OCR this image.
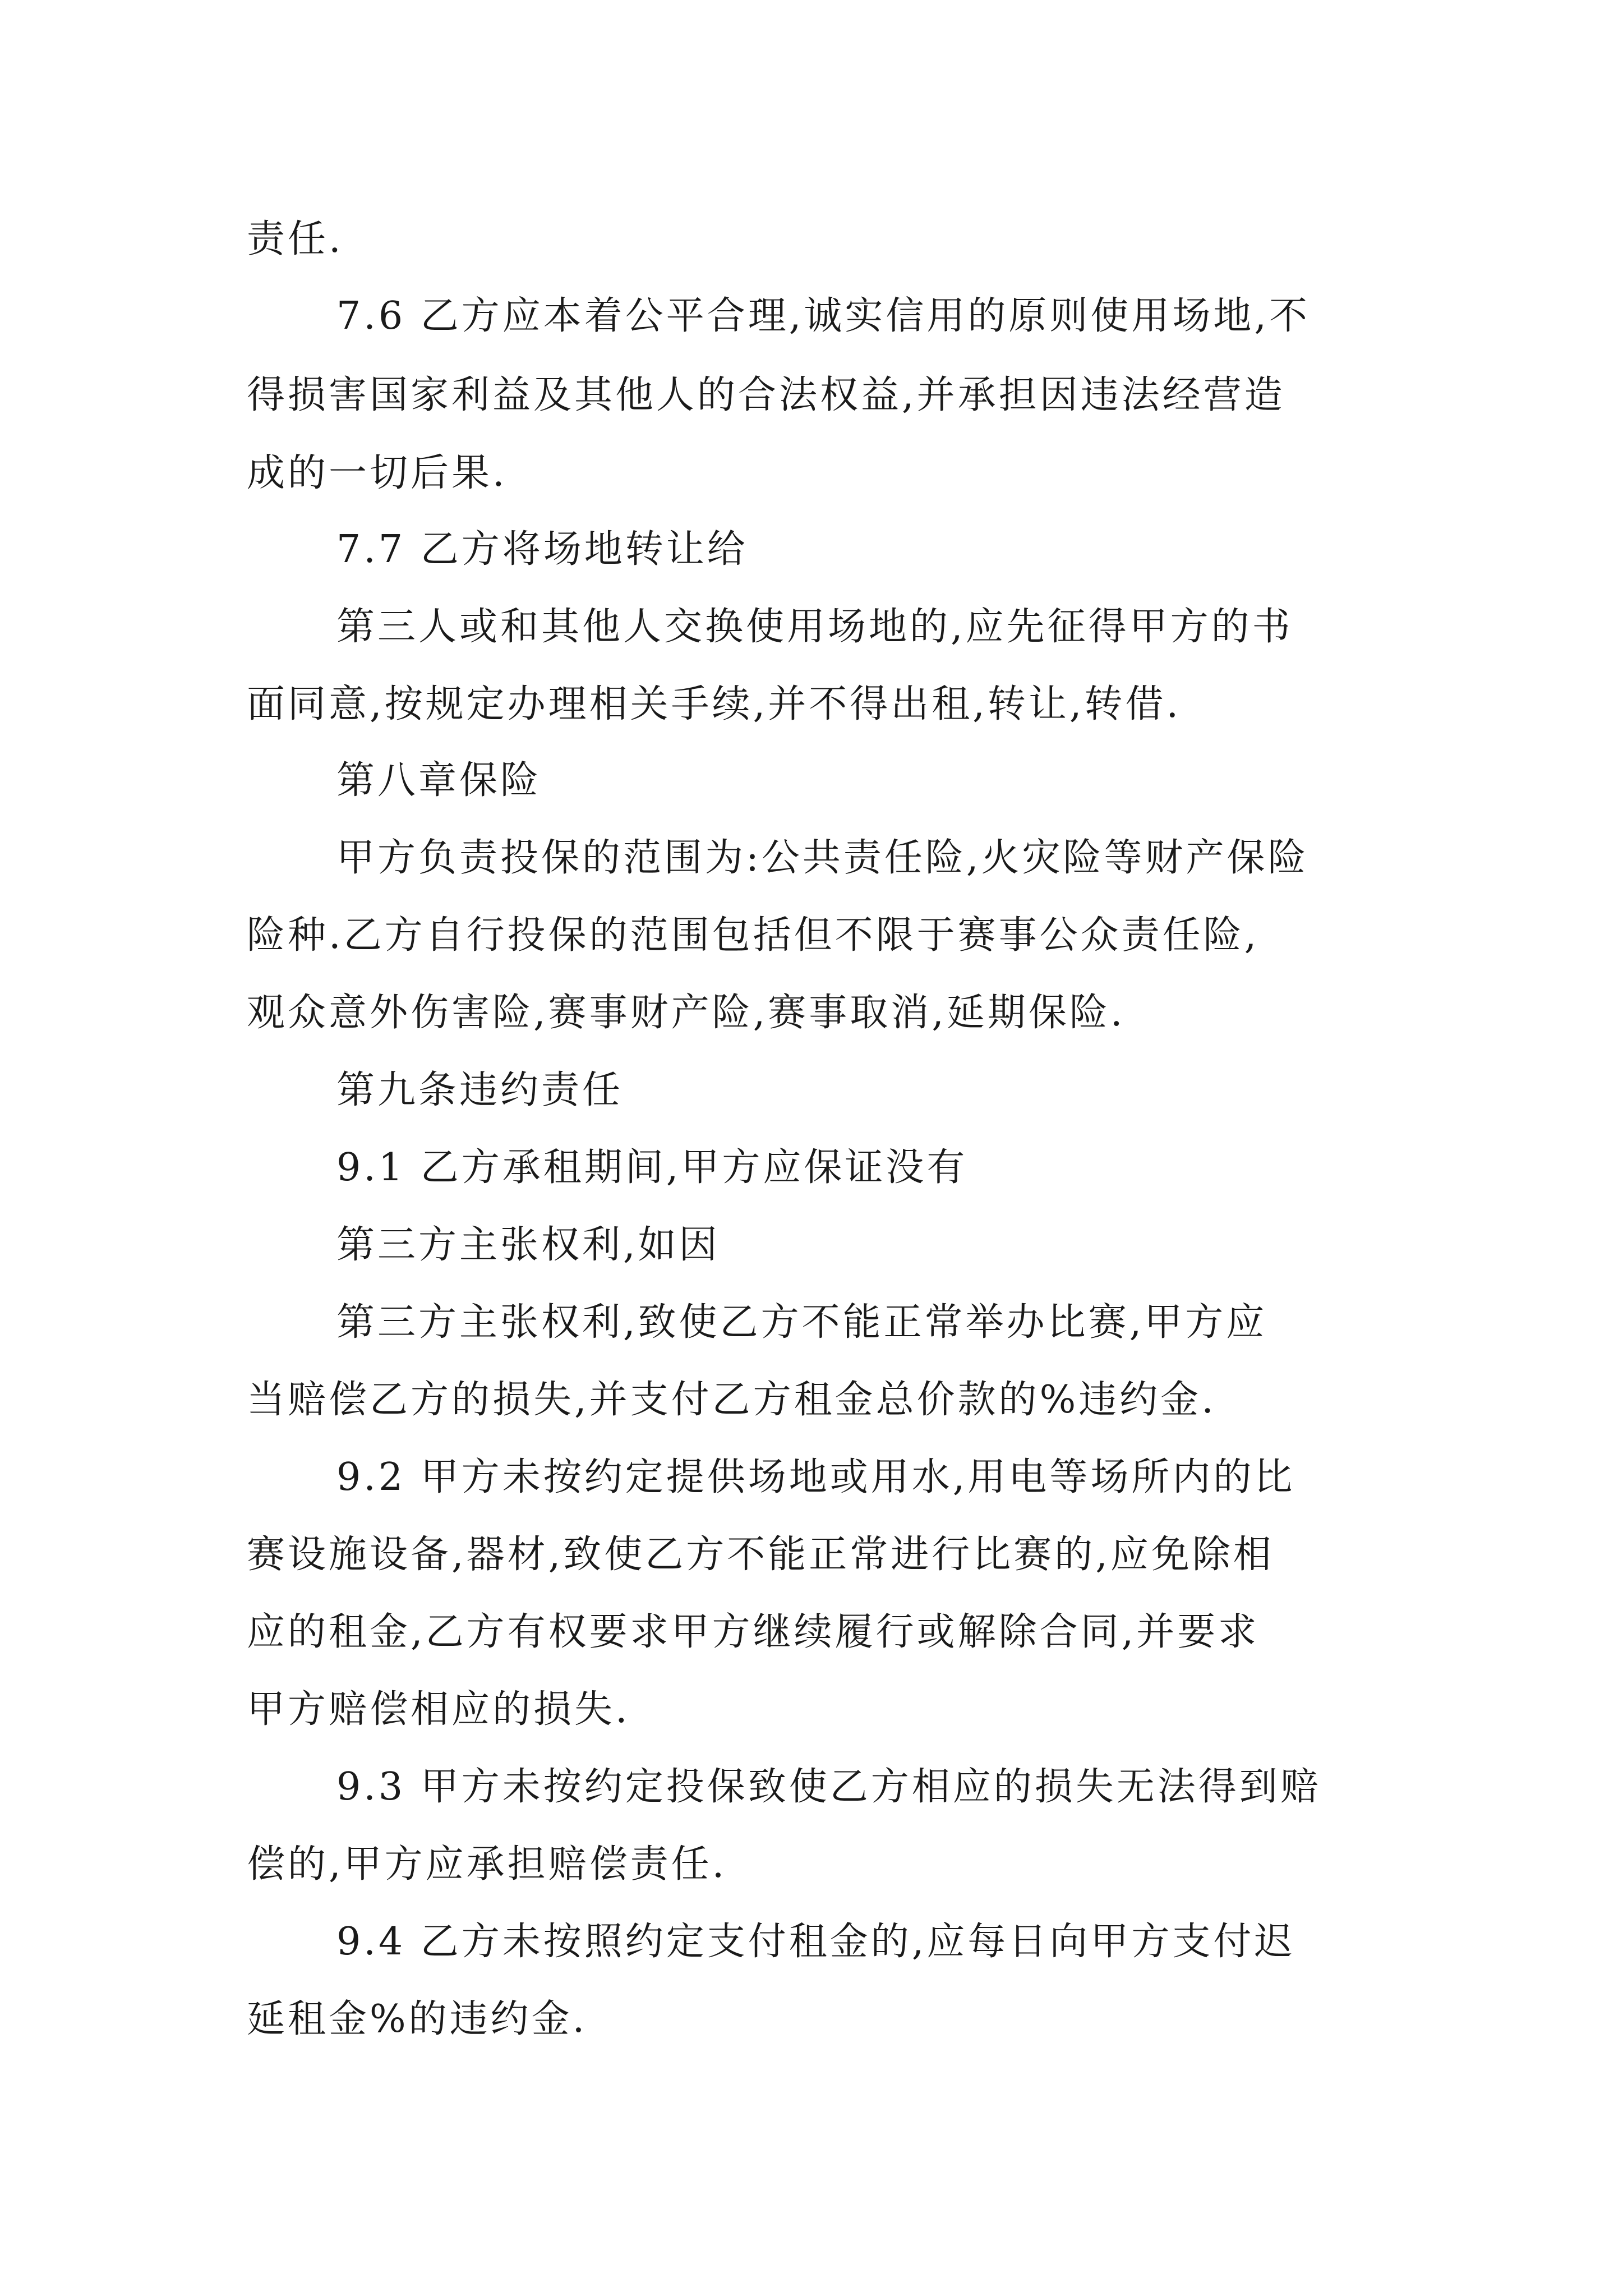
责任.

7.6 乙方应本着公平合理,诚实信用的原则使用场地,不

得损害国家利益及其他人的合法权益,并承担因违法经营造

成的一切后果.

7.7 乙方将场地转让给

第三人或和其他人交换使用场地的,应先征得甲方的书

面同意,按规定办理相关手续,并不得出租,转让,转借.

第八章保险

甲方负责投保的范围为:公共责任险,火灾险等财产保险

险种.乙方自行投保的范围包括但不限于赛事公众责任险,

观众意外伤害险,赛事财产险,赛事取消,延期保险.

第九条违约责任

9.1 乙方承租期间,甲方应保证没有

第三方主张权利,如因

第三方主张权利,致使乙方不能正常举办比赛,甲方应

当赔偿乙方的损失,并支付乙方租金总价款的%违约金.

9.2 甲方未按约定提供场地或用水,用电等场所内的比

赛设施设备,器材,致使乙方不能正常进行比赛的,应免除相

应的租金,乙方有权要求甲方继续履行或解除合同,并要求

甲方赔偿相应的损失.

9.3 甲方未按约定投保致使乙方相应的损失无法得到赔

偿的,甲方应承担赔偿责任.

9.4 乙方未按照约定支付租金的,应每日向甲方支付迟

延租金%的违约金.
